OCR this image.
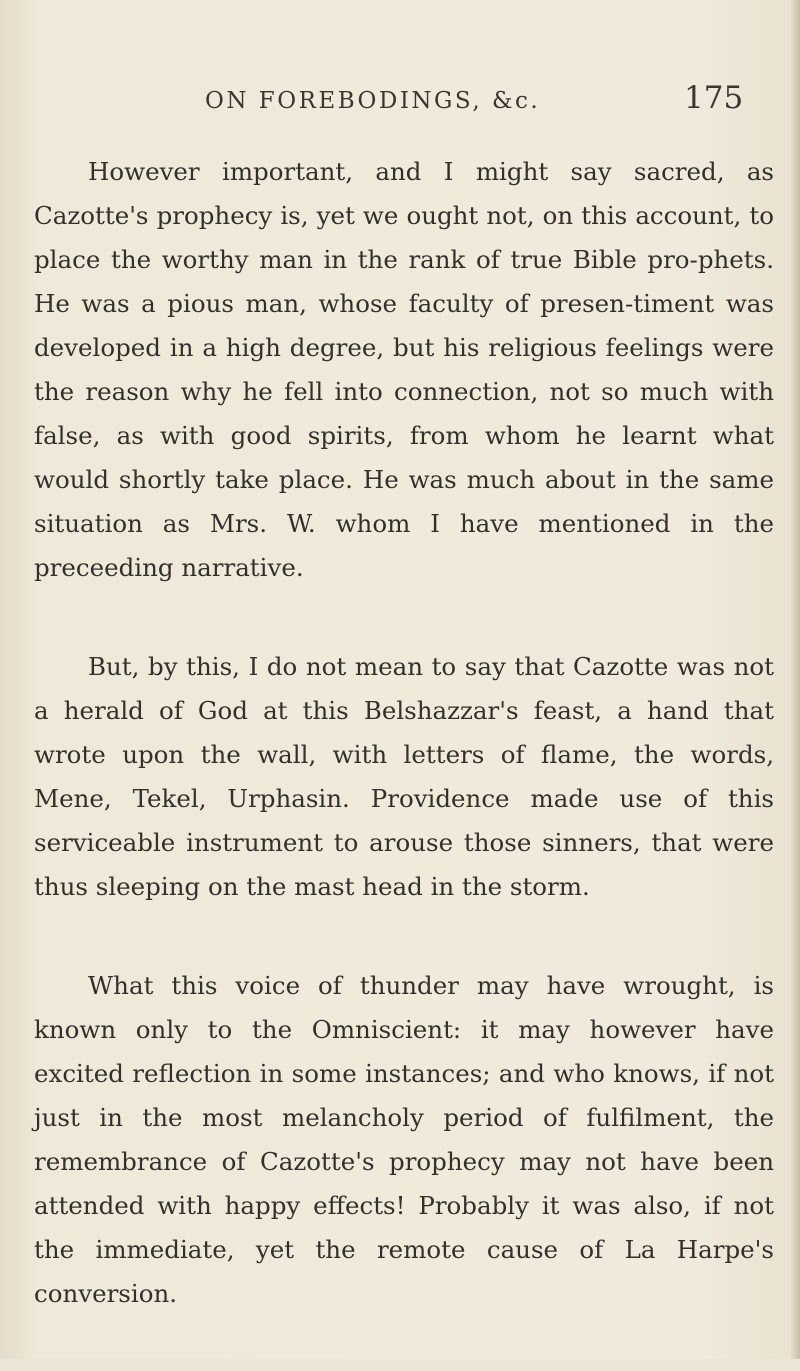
ON FOREBODINGS, &c.	175

However important, and I might say sacred, as Cazotte's prophecy is, yet we ought not, on this account, to place the worthy man in the rank of true Bible pro-phets. He was a pious man, whose faculty of presen-timent was developed in a high degree, but his religious feelings were the reason why he fell into connection, not so much with false, as with good spirits, from whom he learnt what would shortly take place. He was much about in the same situation as Mrs. W. whom I have mentioned in the preceeding narrative.

But, by this, I do not mean to say that Cazotte was not a herald of God at this Belshazzar's feast, a hand that wrote upon the wall, with letters of flame, the words, Mene, Tekel, Urphasin. Providence made use of this serviceable instrument to arouse those sinners, that were thus sleeping on the mast head in the storm.

What this voice of thunder may have wrought, is known only to the Omniscient: it may however have excited reflection in some instances; and who knows, if not just in the most melancholy period of fulfilment, the remembrance of Cazotte's prophecy may not have been attended with happy effects! Probably it was also, if not the immediate, yet the remote cause of La Harpe's conversion.
